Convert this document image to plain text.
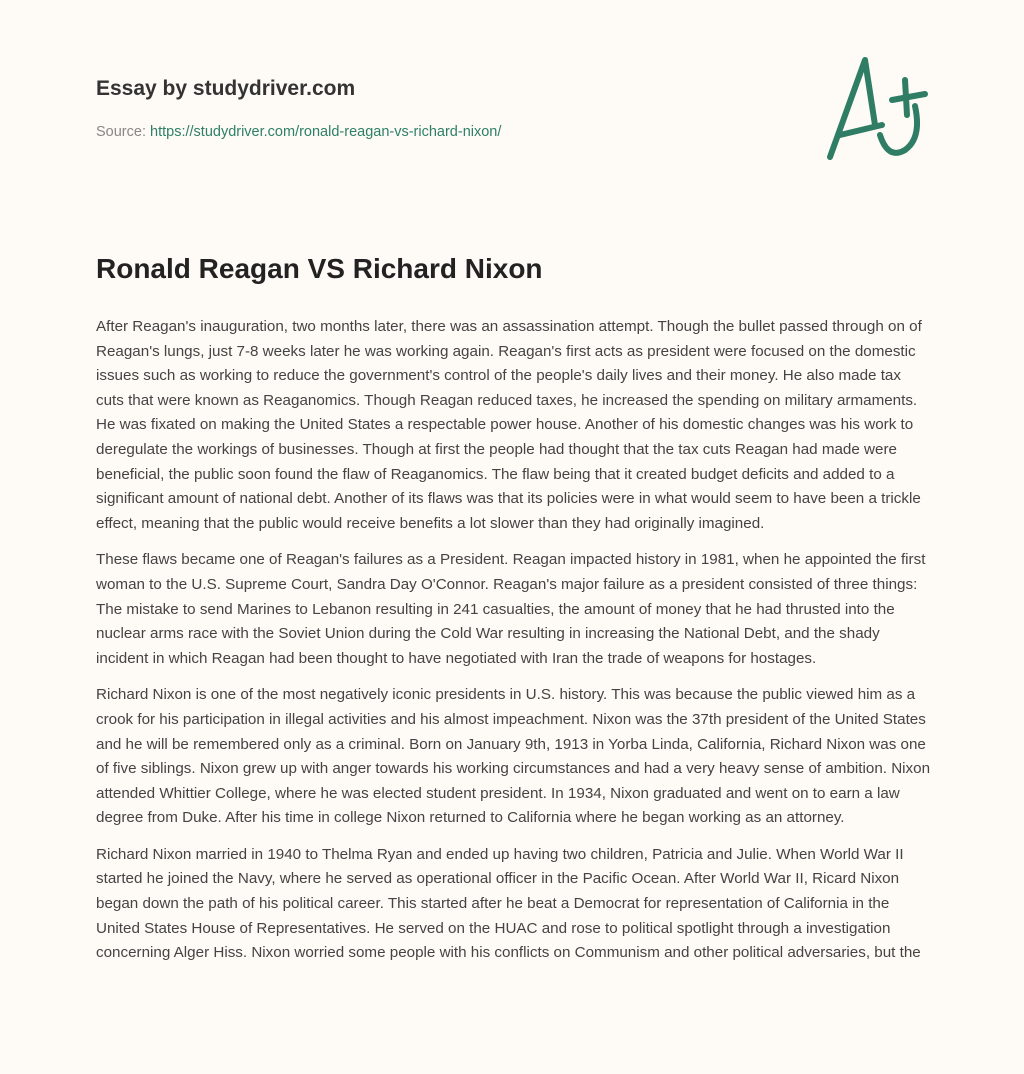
Essay by studydriver.com
Source: https://studydriver.com/ronald-reagan-vs-richard-nixon/
Ronald Reagan VS Richard Nixon

After Reagan's inauguration, two months later, there was an assassination attempt. Though the bullet passed through on of Reagan's lungs, just 7-8 weeks later he was working again. Reagan's first acts as president were focused on the domestic issues such as working to reduce the government's control of the people's daily lives and their money. He also made tax cuts that were known as Reaganomics. Though Reagan reduced taxes, he increased the spending on military armaments. He was fixated on making the United States a respectable power house. Another of his domestic changes was his work to deregulate the workings of businesses. Though at first the people had thought that the tax cuts Reagan had made were beneficial, the public soon found the flaw of Reaganomics. The flaw being that it created budget deficits and added to a significant amount of national debt. Another of its flaws was that its policies were in what would seem to have been a trickle effect, meaning that the public would receive benefits a lot slower than they had originally imagined.

These flaws became one of Reagan's failures as a President. Reagan impacted history in 1981, when he appointed the first woman to the U.S. Supreme Court, Sandra Day O'Connor. Reagan's major failure as a president consisted of three things: The mistake to send Marines to Lebanon resulting in 241 casualties, the amount of money that he had thrusted into the nuclear arms race with the Soviet Union during the Cold War resulting in increasing the National Debt, and the shady incident in which Reagan had been thought to have negotiated with Iran the trade of weapons for hostages.

Richard Nixon is one of the most negatively iconic presidents in U.S. history. This was because the public viewed him as a crook for his participation in illegal activities and his almost impeachment. Nixon was the 37th president of the United States and he will be remembered only as a criminal. Born on January 9th, 1913 in Yorba Linda, California, Richard Nixon was one of five siblings. Nixon grew up with anger towards his working circumstances and had a very heavy sense of ambition. Nixon attended Whittier College, where he was elected student president. In 1934, Nixon graduated and went on to earn a law degree from Duke. After his time in college Nixon returned to California where he began working as an attorney.

Richard Nixon married in 1940 to Thelma Ryan and ended up having two children, Patricia and Julie. When World War II started he joined the Navy, where he served as operational officer in the Pacific Ocean. After World War II, Ricard Nixon began down the path of his political career. This started after he beat a Democrat for representation of California in the United States House of Representatives. He served on the HUAC and rose to political spotlight through a investigation concerning Alger Hiss. Nixon worried some people with his conflicts on Communism and other political adversaries, but the
